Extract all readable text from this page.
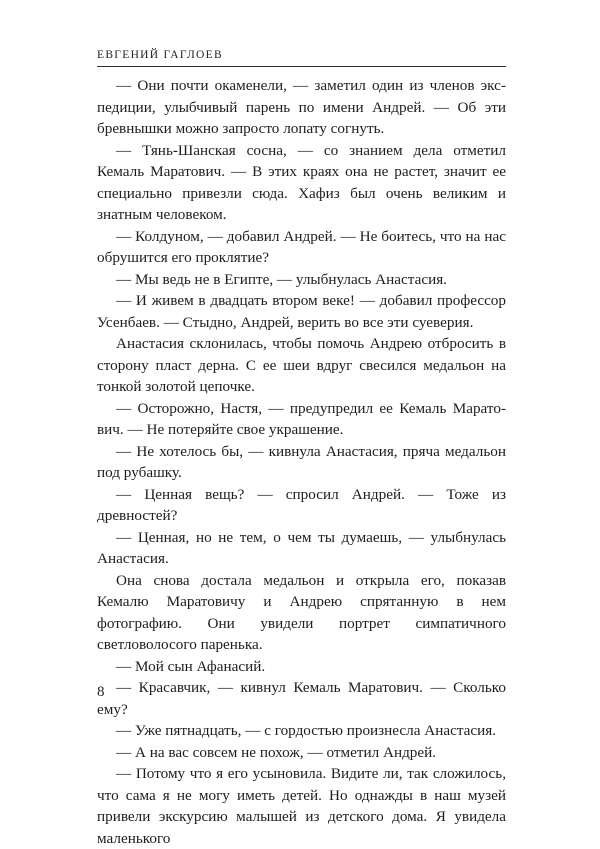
ЕВГЕНИЙ ГАГЛОЕВ

— Они почти окаменели, — заметил один из членов экспедиции, улыбчивый парень по имени Андрей. — Об эти бревнышки можно запросто лопату согнуть.

— Тянь-Шанская сосна, — со знанием дела отметил Кемаль Маратович. — В этих краях она не растет, значит ее специально привезли сюда. Хафиз был очень великим и знатным человеком.

— Колдуном, — добавил Андрей. — Не боитесь, что на нас обрушится его проклятие?

— Мы ведь не в Египте, — улыбнулась Анастасия.

— И живем в двадцать втором веке! — добавил профессор Усенбаев. — Стыдно, Андрей, верить во все эти суеверия.

Анастасия склонилась, чтобы помочь Андрею отбросить в сторону пласт дерна. С ее шеи вдруг свесился медальон на тонкой золотой цепочке.

— Осторожно, Настя, — предупредил ее Кемаль Маратович. — Не потеряйте свое украшение.

— Не хотелось бы, — кивнула Анастасия, пряча медальон под рубашку.

— Ценная вещь? — спросил Андрей. — Тоже из древностей?

— Ценная, но не тем, о чем ты думаешь, — улыбнулась Анастасия.

Она снова достала медальон и открыла его, показав Кемалю Маратовичу и Андрею спрятанную в нем фотографию. Они увидели портрет симпатичного светловолосого паренька.

— Мой сын Афанасий.

— Красавчик, — кивнул Кемаль Маратович. — Сколько ему?

— Уже пятнадцать, — с гордостью произнесла Анастасия.

— А на вас совсем не похож, — отметил Андрей.

— Потому что я его усыновила. Видите ли, так сложилось, что сама я не могу иметь детей. Но однажды в наш музей привели экскурсию малышей из детского дома. Я увидела маленького

8
